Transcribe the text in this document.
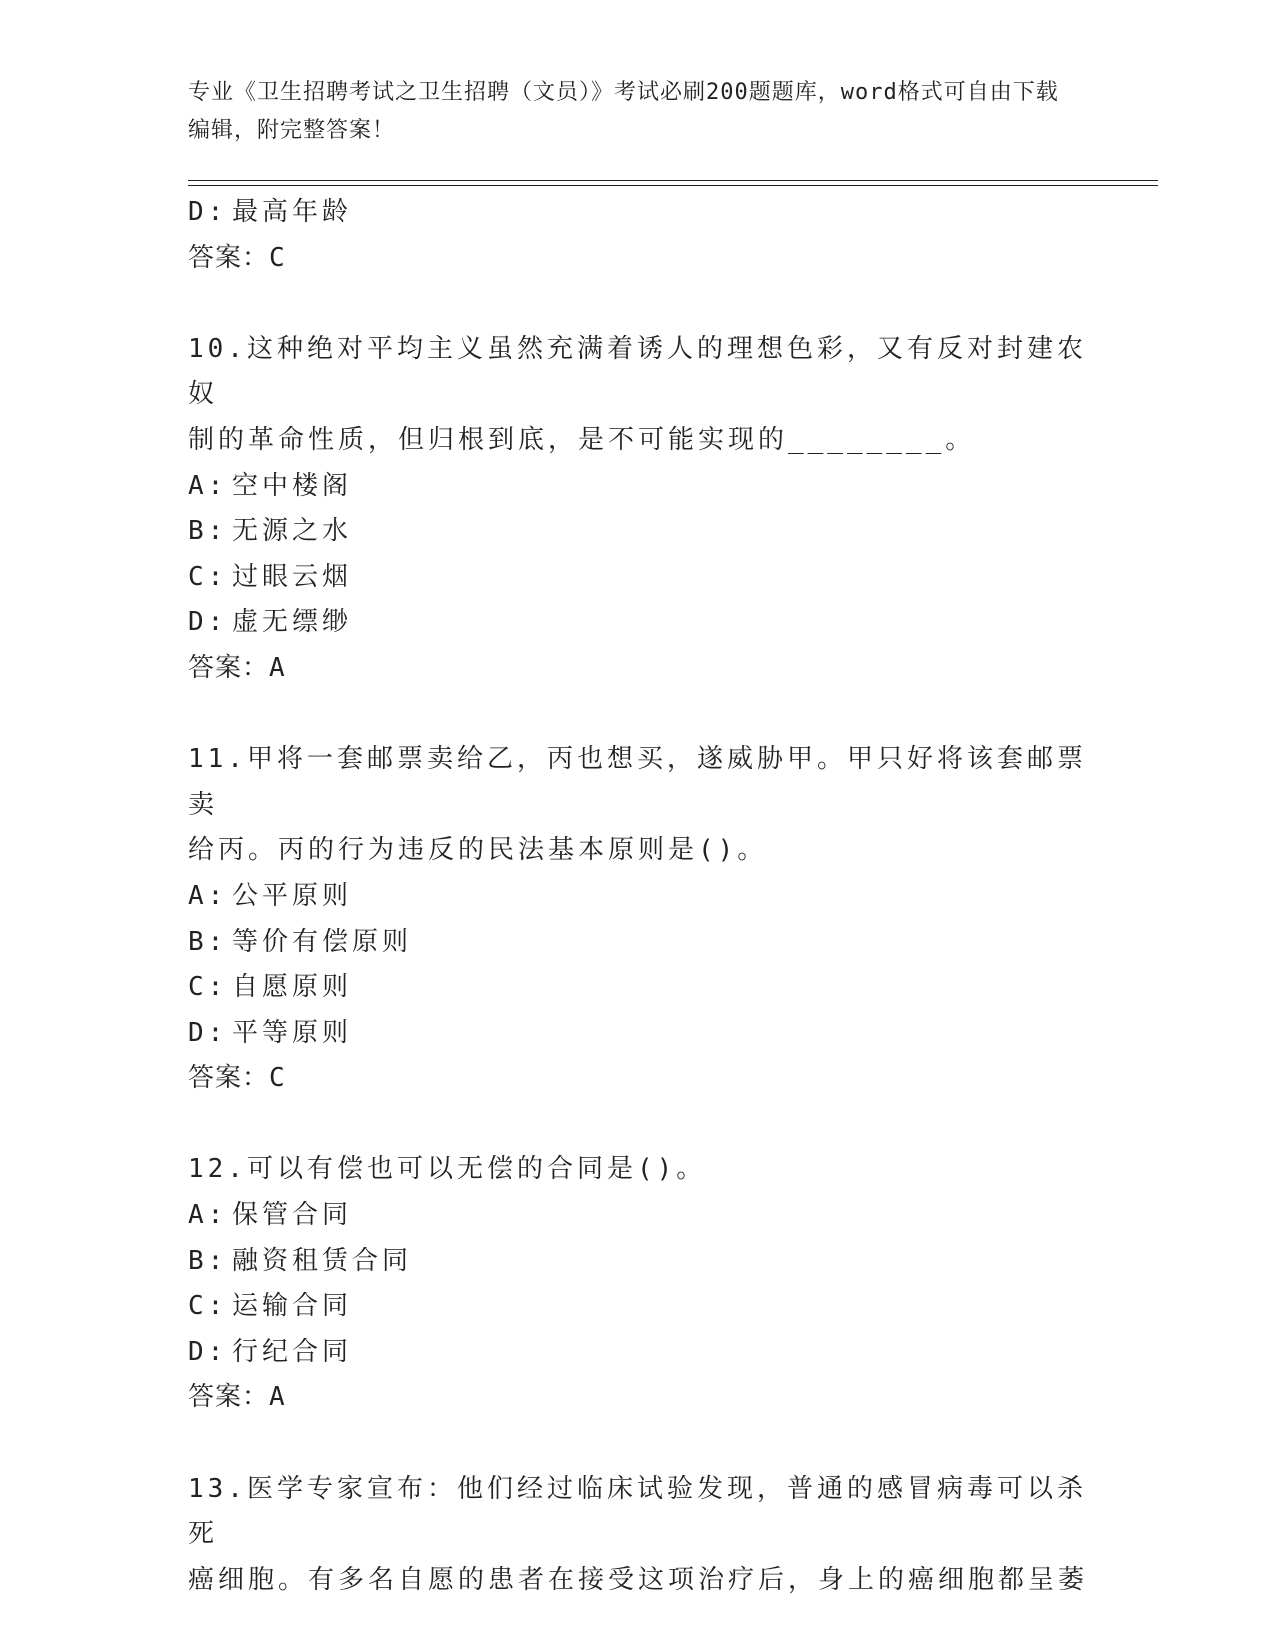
专业《卫生招聘考试之卫生招聘（文员）》考试必刷200题题库，word格式可自由下载编辑，附完整答案！
D: 最高年龄
答案：C
10.这种绝对平均主义虽然充满着诱人的理想色彩，又有反对封建农奴
制的革命性质，但归根到底，是不可能实现的________。
A: 空中楼阁
B: 无源之水
C: 过眼云烟
D: 虚无缥缈
答案：A
11.甲将一套邮票卖给乙，丙也想买，遂威胁甲。甲只好将该套邮票卖
给丙。丙的行为违反的民法基本原则是()。
A: 公平原则
B: 等价有偿原则
C: 自愿原则
D: 平等原则
答案：C
12.可以有偿也可以无偿的合同是()。
A: 保管合同
B: 融资租赁合同
C: 运输合同
D: 行纪合同
答案：A
13.医学专家宣布：他们经过临床试验发现，普通的感冒病毒可以杀死
癌细胞。有多名自愿的患者在接受这项治疗后，身上的癌细胞都呈萎
